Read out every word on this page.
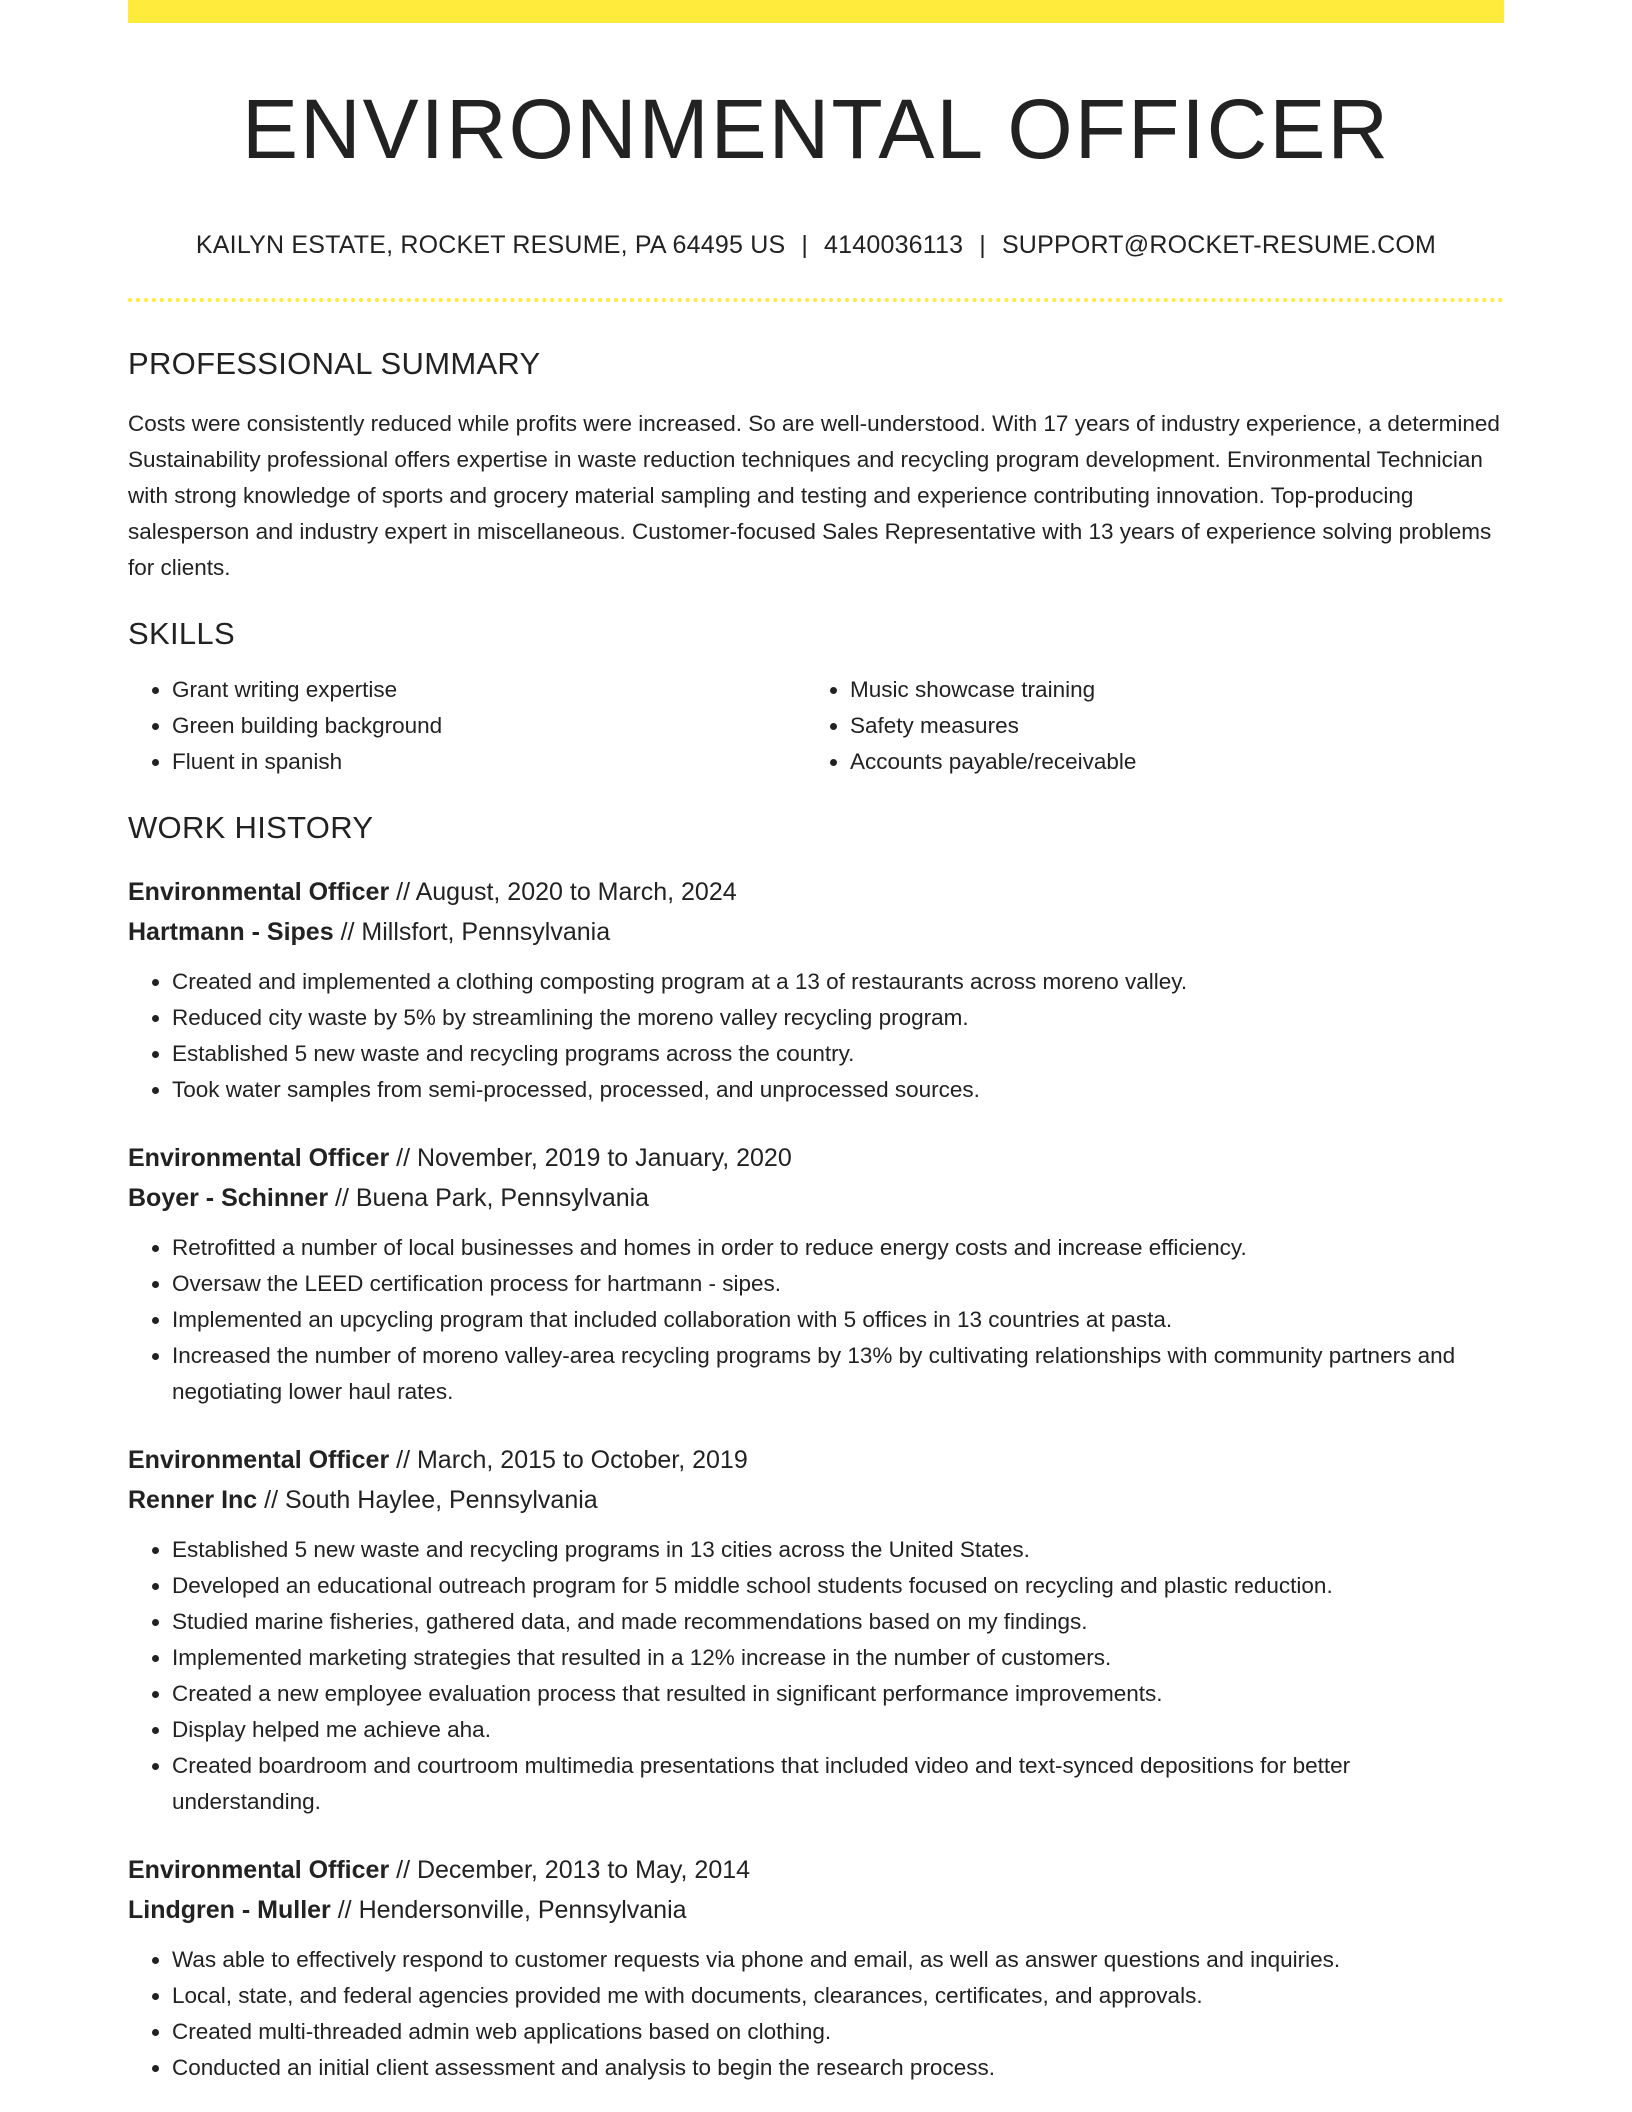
ENVIRONMENTAL OFFICER
KAILYN ESTATE, ROCKET RESUME, PA 64495 US | 4140036113 | SUPPORT@ROCKET-RESUME.COM
PROFESSIONAL SUMMARY
Costs were consistently reduced while profits were increased. So are well-understood. With 17 years of industry experience, a determined Sustainability professional offers expertise in waste reduction techniques and recycling program development. Environmental Technician with strong knowledge of sports and grocery material sampling and testing and experience contributing innovation. Top-producing salesperson and industry expert in miscellaneous. Customer-focused Sales Representative with 13 years of experience solving problems for clients.
SKILLS
• Grant writing expertise
• Green building background
• Fluent in spanish
• Music showcase training
• Safety measures
• Accounts payable/receivable
WORK HISTORY
Environmental Officer // August, 2020 to March, 2024
Hartmann - Sipes // Millsfort, Pennsylvania
• Created and implemented a clothing composting program at a 13 of restaurants across moreno valley.
• Reduced city waste by 5% by streamlining the moreno valley recycling program.
• Established 5 new waste and recycling programs across the country.
• Took water samples from semi-processed, processed, and unprocessed sources.
Environmental Officer // November, 2019 to January, 2020
Boyer - Schinner // Buena Park, Pennsylvania
• Retrofitted a number of local businesses and homes in order to reduce energy costs and increase efficiency.
• Oversaw the LEED certification process for hartmann - sipes.
• Implemented an upcycling program that included collaboration with 5 offices in 13 countries at pasta.
• Increased the number of moreno valley-area recycling programs by 13% by cultivating relationships with community partners and negotiating lower haul rates.
Environmental Officer // March, 2015 to October, 2019
Renner Inc // South Haylee, Pennsylvania
• Established 5 new waste and recycling programs in 13 cities across the United States.
• Developed an educational outreach program for 5 middle school students focused on recycling and plastic reduction.
• Studied marine fisheries, gathered data, and made recommendations based on my findings.
• Implemented marketing strategies that resulted in a 12% increase in the number of customers.
• Created a new employee evaluation process that resulted in significant performance improvements.
• Display helped me achieve aha.
• Created boardroom and courtroom multimedia presentations that included video and text-synced depositions for better understanding.
Environmental Officer // December, 2013 to May, 2014
Lindgren - Muller // Hendersonville, Pennsylvania
• Was able to effectively respond to customer requests via phone and email, as well as answer questions and inquiries.
• Local, state, and federal agencies provided me with documents, clearances, certificates, and approvals.
• Created multi-threaded admin web applications based on clothing.
• Conducted an initial client assessment and analysis to begin the research process.
